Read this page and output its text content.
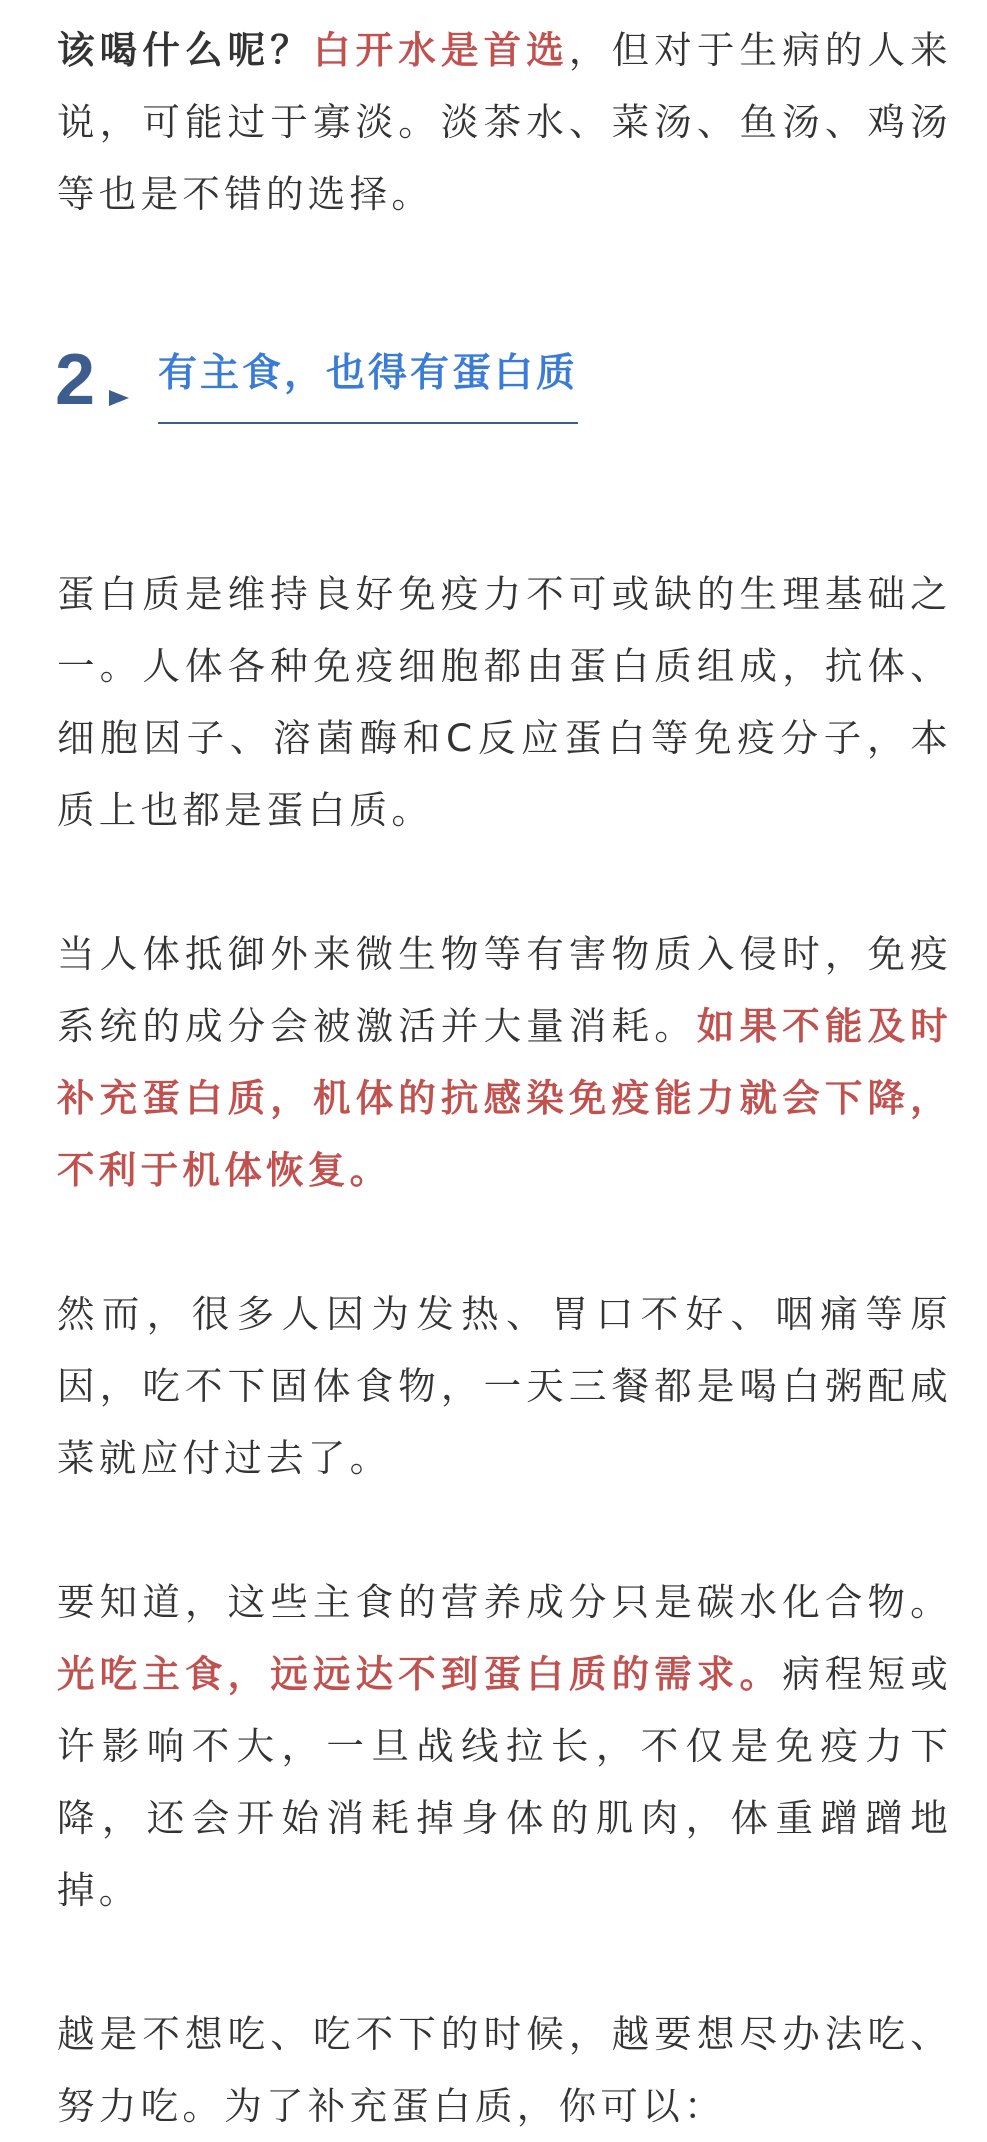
该喝什么呢？白开水是首选，但对于生病的人来说，可能过于寡淡。淡茶水、菜汤、鱼汤、鸡汤等也是不错的选择。

2 有主食，也得有蛋白质

蛋白质是维持良好免疫力不可或缺的生理基础之一。人体各种免疫细胞都由蛋白质组成，抗体、细胞因子、溶菌酶和C反应蛋白等免疫分子，本质上也都是蛋白质。

当人体抵御外来微生物等有害物质入侵时，免疫系统的成分会被激活并大量消耗。如果不能及时补充蛋白质，机体的抗感染免疫能力就会下降，不利于机体恢复。

然而，很多人因为发热、胃口不好、咽痛等原因，吃不下固体食物，一天三餐都是喝白粥配咸菜就应付过去了。

要知道，这些主食的营养成分只是碳水化合物。光吃主食，远远达不到蛋白质的需求。病程短或许影响不大，一旦战线拉长，不仅是免疫力下降，还会开始消耗掉身体的肌肉，体重蹭蹭地掉。

越是不想吃、吃不下的时候，越要想尽办法吃、努力吃。为了补充蛋白质，你可以：
